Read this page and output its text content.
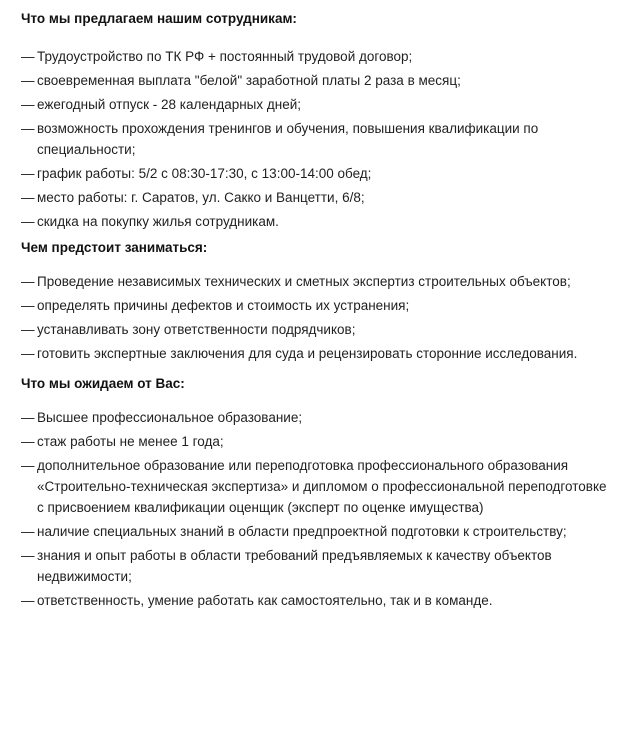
Что мы предлагаем нашим сотрудникам:
— Трудоустройство по ТК РФ + постоянный трудовой договор;
— своевременная выплата "белой" заработной платы 2 раза в месяц;
— ежегодный отпуск - 28 календарных дней;
— возможность прохождения тренингов и обучения, повышения квалификации по специальности;
— график работы: 5/2 с 08:30-17:30, с 13:00-14:00 обед;
— место работы: г. Саратов, ул. Сакко и Ванцетти, 6/8;
— скидка на покупку жилья сотрудникам.
Чем предстоит заниматься:
— Проведение независимых технических и сметных экспертиз строительных объектов;
— определять причины дефектов и стоимость их устранения;
— устанавливать зону ответственности подрядчиков;
— готовить экспертные заключения для суда и рецензировать сторонние исследования.
Что мы ожидаем от Вас:
— Высшее профессиональное образование;
— стаж работы не менее 1 года;
— дополнительное образование или переподготовка профессионального образования «Строительно-техническая экспертиза» и дипломом о профессиональной переподготовке с присвоением квалификации оценщик (эксперт по оценке имущества)
— наличие специальных знаний в области предпроектной подготовки к строительству;
— знания и опыт работы в области требований предъявляемых к качеству объектов недвижимости;
— ответственность, умение работать как самостоятельно, так и в команде.
